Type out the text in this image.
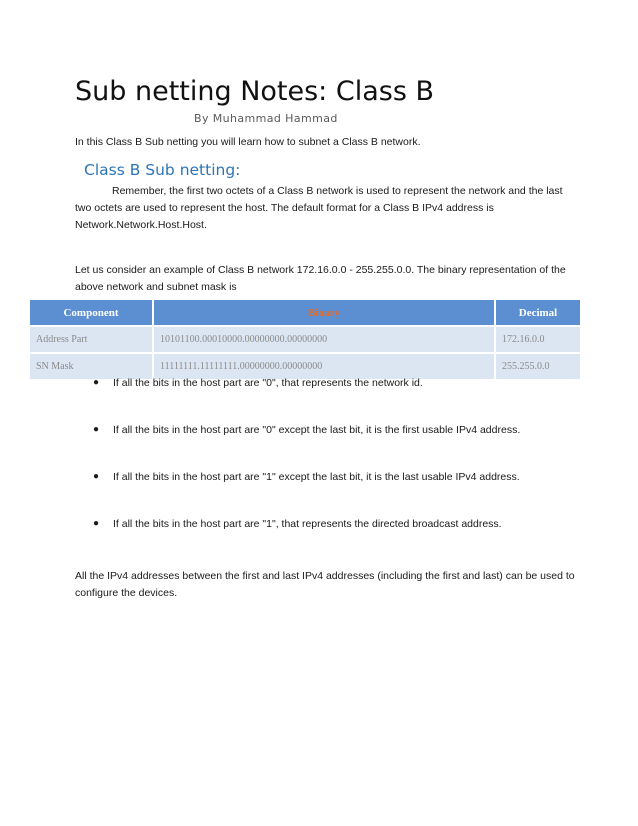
Sub netting Notes: Class B
By Muhammad Hammad
In this Class B Sub netting you will learn how to subnet a Class B network.
Class B Sub netting:

Remember, the first two octets of a Class B network is used to represent the network and the last two octets are used to represent the host. The default format for a Class B IPv4 address is
Network.Network.Host.Host.

Let us consider an example of Class B network 172.16.0.0 - 255.255.0.0. The binary representation of the above network and subnet mask is

Component	Binary	Decimal
Address Part	10101100.00010000.00000000.00000000	172.16.0.0
SN Mask	11111111.11111111.00000000.00000000	255.255.0.0
● If all the bits in the host part are "0", that represents the network id.
● If all the bits in the host part are "0" except the last bit, it is the first usable IPv4 address.
● If all the bits in the host part are "1" except the last bit, it is the last usable IPv4 address.
● If all the bits in the host part are "1", that represents the directed broadcast address.

All the IPv4 addresses between the first and last IPv4 addresses (including the first and last) can be used to configure the devices.
